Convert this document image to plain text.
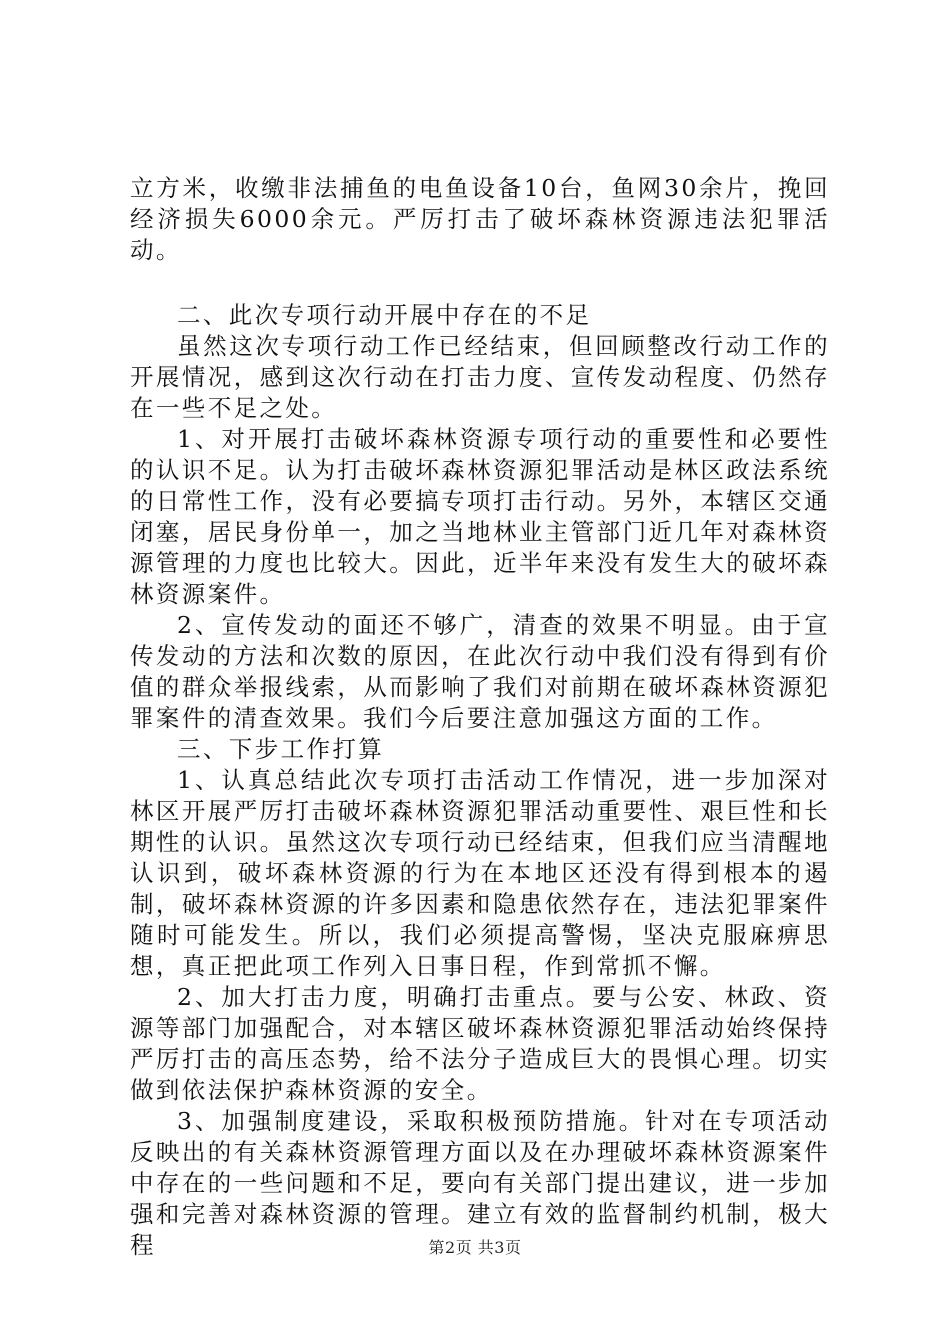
立方米，收缴非法捕鱼的电鱼设备10台，鱼网30余片，挽回经济损失6000余元。严厉打击了破坏森林资源违法犯罪活动。

二、此次专项行动开展中存在的不足

虽然这次专项行动工作已经结束，但回顾整改行动工作的开展情况，感到这次行动在打击力度、宣传发动程度、仍然存在一些不足之处。

1、对开展打击破坏森林资源专项行动的重要性和必要性的认识不足。认为打击破坏森林资源犯罪活动是林区政法系统的日常性工作，没有必要搞专项打击行动。另外，本辖区交通闭塞，居民身份单一，加之当地林业主管部门近几年对森林资源管理的力度也比较大。因此，近半年来没有发生大的破坏森林资源案件。

2、宣传发动的面还不够广，清查的效果不明显。由于宣传发动的方法和次数的原因，在此次行动中我们没有得到有价值的群众举报线索，从而影响了我们对前期在破坏森林资源犯罪案件的清查效果。我们今后要注意加强这方面的工作。

三、下步工作打算

1、认真总结此次专项打击活动工作情况，进一步加深对林区开展严厉打击破坏森林资源犯罪活动重要性、艰巨性和长期性的认识。虽然这次专项行动已经结束，但我们应当清醒地认识到，破坏森林资源的行为在本地区还没有得到根本的遏制，破坏森林资源的许多因素和隐患依然存在，违法犯罪案件随时可能发生。所以，我们必须提高警惕，坚决克服麻痹思想，真正把此项工作列入日事日程，作到常抓不懈。

2、加大打击力度，明确打击重点。要与公安、林政、资源等部门加强配合，对本辖区破坏森林资源犯罪活动始终保持严厉打击的高压态势，给不法分子造成巨大的畏惧心理。切实做到依法保护森林资源的安全。

3、加强制度建设，采取积极预防措施。针对在专项活动反映出的有关森林资源管理方面以及在办理破坏森林资源案件中存在的一些问题和不足，要向有关部门提出建议，进一步加强和完善对森林资源的管理。建立有效的监督制约机制，极大程	第2页 共3页
